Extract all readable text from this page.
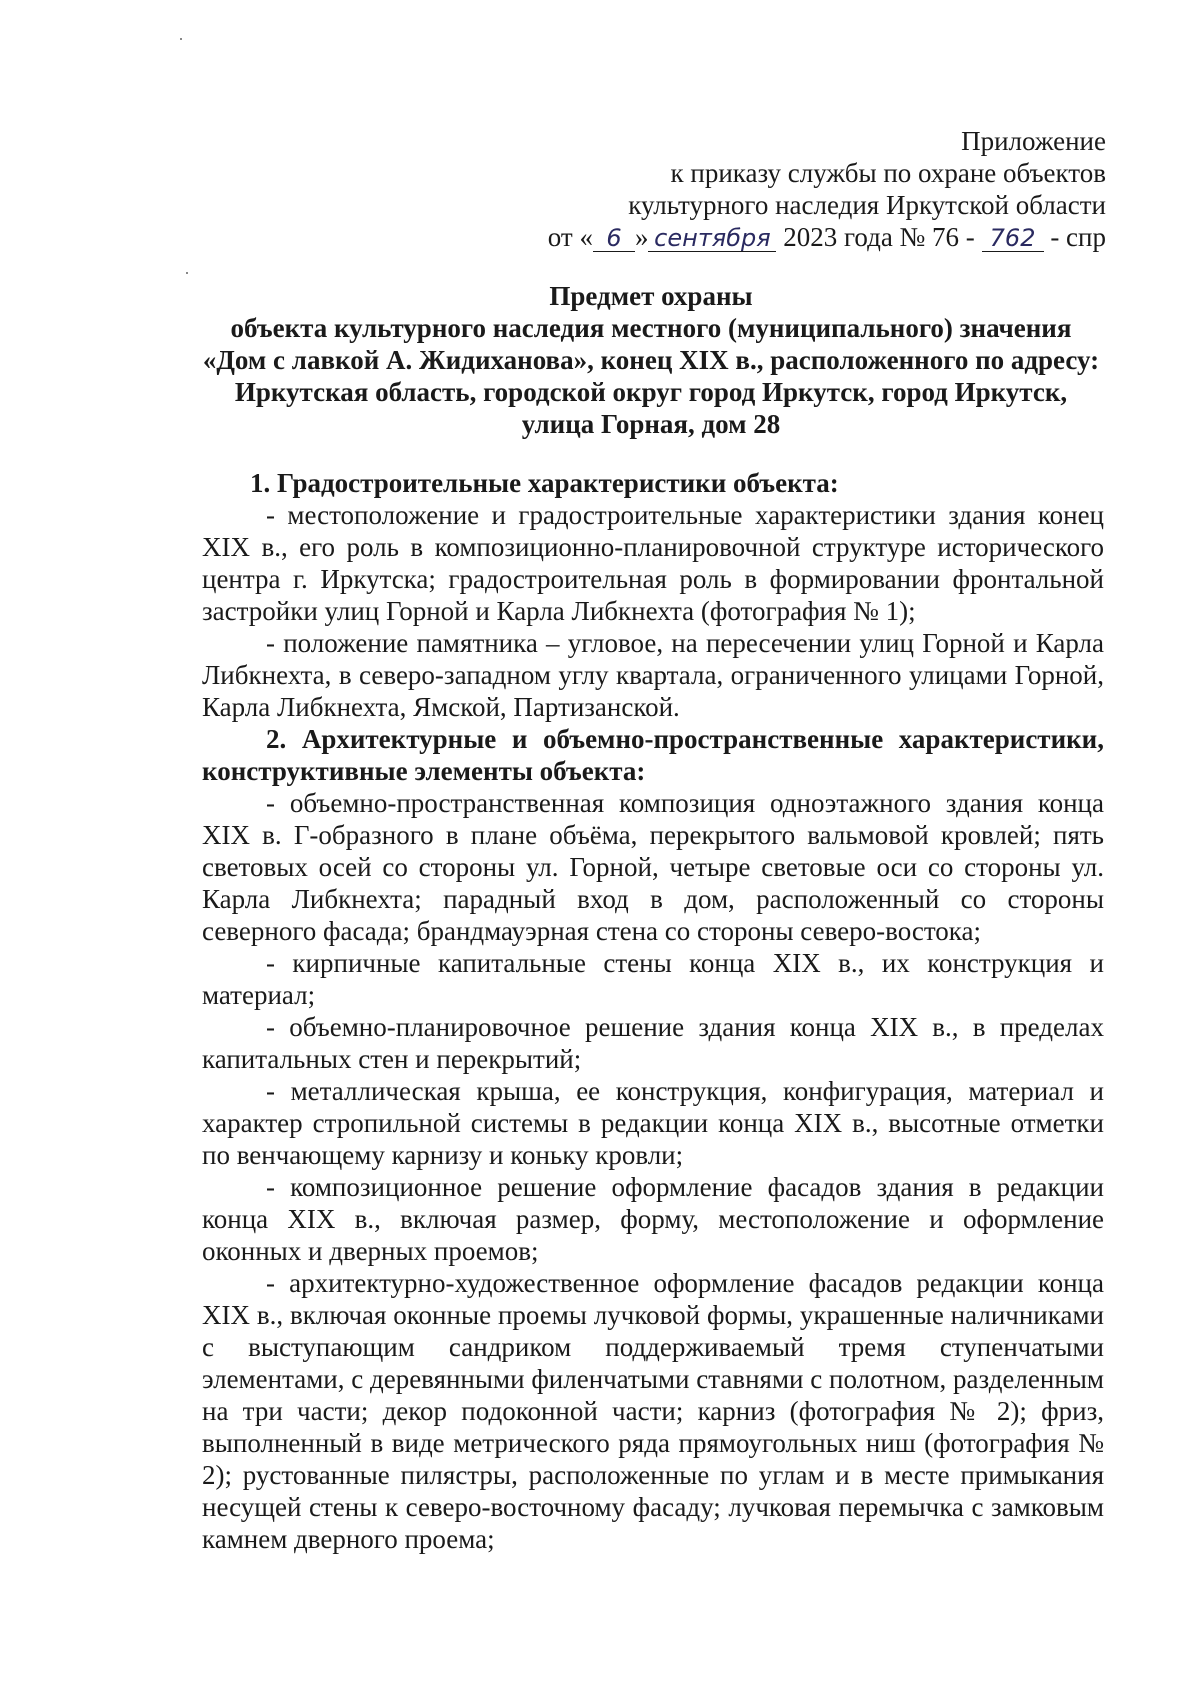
Приложение
к приказу службы по охране объектов
культурного наследия Иркутской области
от « 6 » сентября 2023 года № 76 - 762 - спр
Предмет охраны
объекта культурного наследия местного (муниципального) значения
«Дом с лавкой А. Жидиханова», конец XIX в., расположенного по адресу:
Иркутская область, городской округ город Иркутск, город Иркутск,
улица Горная, дом 28

1. Градостроительные характеристики объекта:

- местоположение и градостроительные характеристики здания конец XIX в., его роль в композиционно-планировочной структуре исторического центра г. Иркутска; градостроительная роль в формировании фронтальной застройки улиц Горной и Карла Либкнехта (фотография № 1);

- положение памятника – угловое, на пересечении улиц Горной и Карла Либкнехта, в северо-западном углу квартала, ограниченного улицами Горной, Карла Либкнехта, Ямской, Партизанской.

2. Архитектурные и объемно-пространственные характеристики, конструктивные элементы объекта:

- объемно-пространственная композиция одноэтажного здания конца XIX в. Г-образного в плане объёма, перекрытого вальмовой кровлей; пять световых осей со стороны ул. Горной, четыре световые оси со стороны ул. Карла Либкнехта; парадный вход в дом, расположенный со стороны северного фасада; брандмауэрная стена со стороны северо-востока;

- кирпичные капитальные стены конца XIX в., их конструкция и материал;

- объемно-планировочное решение здания конца XIX в., в пределах капитальных стен и перекрытий;

- металлическая крыша, ее конструкция, конфигурация, материал и характер стропильной системы в редакции конца XIX в., высотные отметки по венчающему карнизу и коньку кровли;

- композиционное решение оформление фасадов здания в редакции конца XIX в., включая размер, форму, местоположение и оформление оконных и дверных проемов;

- архитектурно-художественное оформление фасадов редакции конца XIX в., включая оконные проемы лучковой формы, украшенные наличниками с выступающим сандриком поддерживаемый тремя ступенчатыми элементами, с деревянными филенчатыми ставнями с полотном, разделенным на три части; декор подоконной части; карниз (фотография № 2); фриз, выполненный в виде метрического ряда прямоугольных ниш (фотография № 2); рустованные пилястры, расположенные по углам и в месте примыкания несущей стены к северо-восточному фасаду; лучковая перемычка с замковым камнем дверного проема;
